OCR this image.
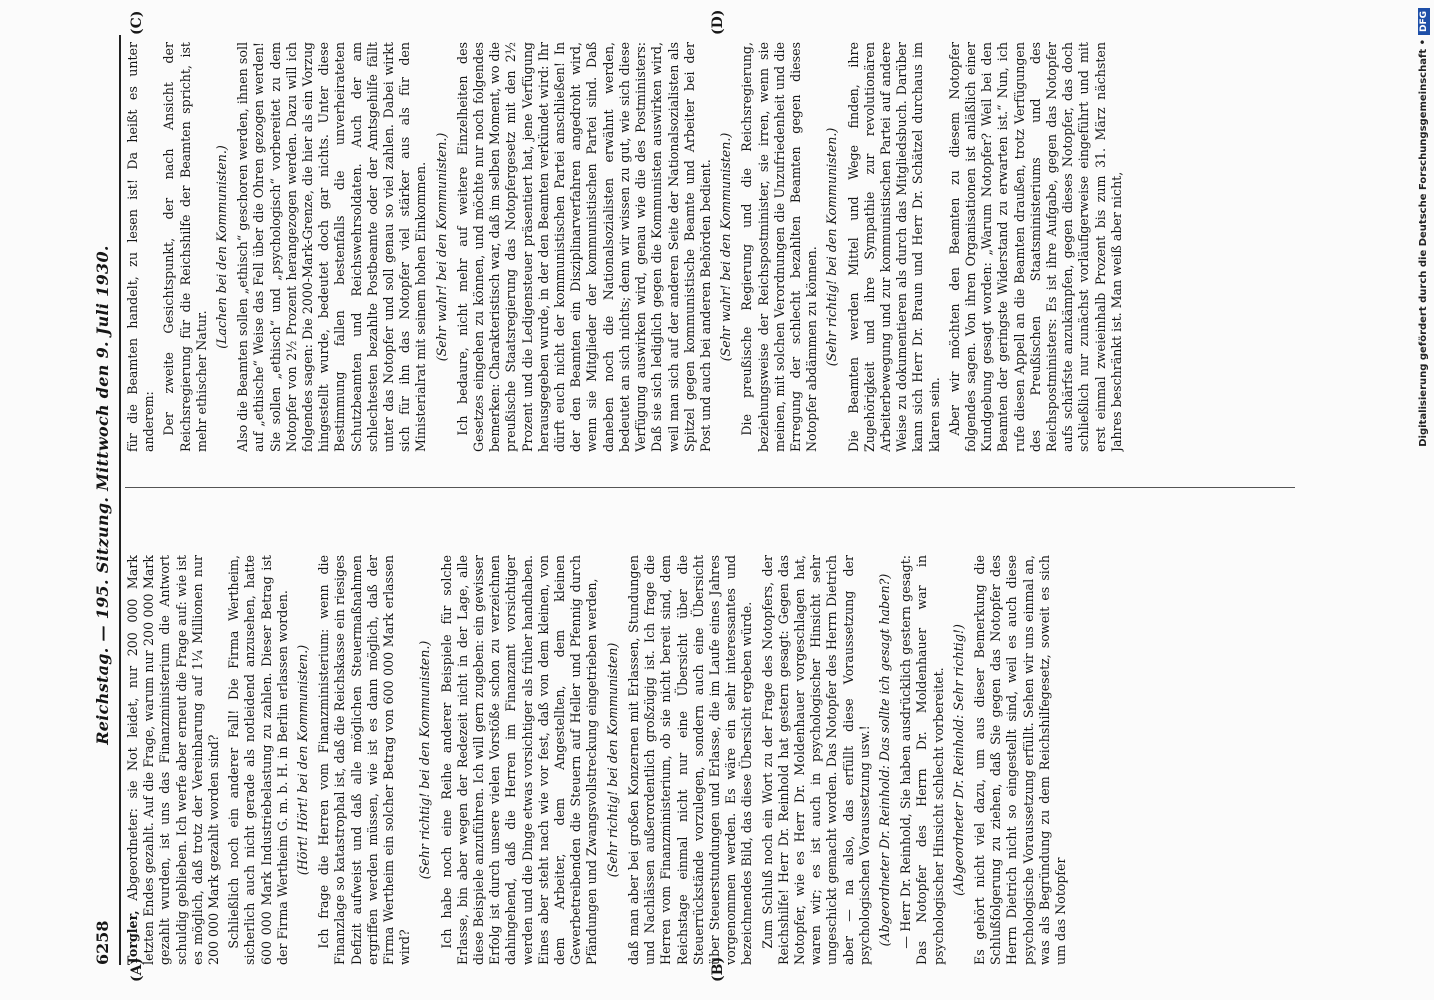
6258
Reichstag. — 195. Sitzung. Mittwoch den 9. Juli 1930.
(A)	(B)
(C)	(D)

Torgler, Abgeordneter: sie Not leidet, nur 200 000 Mark letzten Endes gezahlt. Auf die Frage, warum nur 200 000 Mark gezahlt wurden, ist uns das Finanzministerium die Antwort schuldig geblieben. Ich werfe aber erneut die Frage auf: wie ist es möglich, daß trotz der Vereinbarung auf 1¼ Millionen nur 200 000 Mark gezahlt worden sind? Schließlich noch ein anderer Fall! Die Firma Wertheim, sicherlich auch nicht gerade als notleidend anzusehen, hatte 600 000 Mark Industriebelastung zu zahlen. Dieser Betrag ist der Firma Wertheim G. m. b. H. in Berlin erlassen worden. (Hört! Hört! bei den Kommunisten.) Ich frage die Herren vom Finanzministerium: wenn die Finanzlage so katastrophal ist, daß die Reichskasse ein riesiges Defizit aufweist und daß alle möglichen Steuermaßnahmen ergriffen werden müssen, wie ist es dann möglich, daß der Firma Wertheim ein solcher Betrag von 600 000 Mark erlassen wird?

(Sehr richtig! bei den Kommunisten.) Ich habe noch eine Reihe anderer Beispiele für solche Erlasse, bin aber wegen der Redezeit nicht in der Lage, alle diese Beispiele anzuführen. Ich will gern zugeben: ein gewisser Erfolg ist durch unsere vielen Vorstöße schon zu verzeichnen dahingehend, daß die Herren im Finanzamt vorsichtiger werden und die Dinge etwas vorsichtiger als früher handhaben. Eines aber steht nach wie vor fest, daß von dem kleinen, von dem Arbeiter, dem Angestellten, dem kleinen Gewerbetreibenden die Steuern auf Heller und Pfennig durch Pfändungen und Zwangsvollstreckung eingetrieben werden, (Sehr richtig! bei den Kommunisten) daß man aber bei großen Konzernen mit Erlassen, Stundungen und Nachlässen außerordentlich großzügig ist. Ich frage die Herren vom Finanzministerium, ob sie nicht bereit sind, dem Reichstage einmal nicht nur eine Übersicht über die Steuerrückstände vorzulegen, sondern auch eine Übersicht über Steuerstundungen und Erlasse, die im Laufe eines Jahres vorgenommen werden. Es wäre ein sehr interessantes und bezeichnendes Bild, das diese Übersicht ergeben würde. Zum Schluß noch ein Wort zu der Frage des Notopfers, der Reichshilfe! Herr Dr. Reinhold hat gestern gesagt: Gegen das Notopfer, wie es Herr Dr. Moldenhauer vorgeschlagen hat, waren wir; es ist auch in psychologischer Hinsicht sehr ungeschickt gemacht worden. Das Notopfer des Herrn Dietrich aber — na also, das erfüllt diese Voraussetzung der psychologischen Voraussetzung usw.! (Abgeordneter Dr. Reinhold: Das sollte ich gesagt haben?) — Herr Dr. Reinhold, Sie haben ausdrücklich gestern gesagt: Das Notopfer des Herrn Dr. Moldenhauer war in psychologischer Hinsicht schlecht vorbereitet. (Abgeordneter Dr. Reinhold: Sehr richtig!) Es gehört nicht viel dazu, um aus dieser Bemerkung die Schlußfolgerung zu ziehen, daß Sie gegen das Notopfer des Herrn Dietrich nicht so eingestellt sind, weil es auch diese psychologische Voraussetzung erfüllt. Sehen wir uns einmal an, was als Begründung zu dem Reichshilfegesetz, soweit es sich um das Notopfer

für die Beamten handelt, zu lesen ist! Da heißt es unter anderem: Der zweite Gesichtspunkt, der nach Ansicht der Reichsregierung für die Reichshilfe der Beamten spricht, ist mehr ethischer Natur.

(Lachen bei den Kommunisten.) Also die Beamten sollen „ethisch“ geschoren werden, ihnen soll auf „ethische“ Weise das Fell über die Ohren gezogen werden! Sie sollen „ethisch“ und „psychologisch“ vorbereitet zu dem Notopfer von 2½ Prozent herangezogen werden. Dazu will ich folgendes sagen: Die 2000-Mark-Grenze, die hier als ein Vorzug hingestellt wurde, bedeutet doch gar nichts. Unter diese Bestimmung fallen bestenfalls die unverheirateten Schutzbeamten und Reichswehrsoldaten. Auch der am schlechtesten bezahlte Postbeamte oder der Amtsgehilfe fällt unter das Notopfer und soll genau so viel zahlen. Dabei wirkt sich für ihn das Notopfer viel stärker aus als für den Ministerialrat mit seinem hohen Einkommen. (Sehr wahr! bei den Kommunisten.) Ich bedaure, nicht mehr auf weitere Einzelheiten des Gesetzes eingehen zu können, und möchte nur noch folgendes bemerken: Charakteristisch war, daß im selben Moment, wo die preußische Staatsregierung das Notopfergesetz mit den 2½ Prozent und die Ledigensteuer präsentiert hat, jene Verfügung herausgegeben wurde, in der den Beamten verkündet wird: Ihr dürft euch nicht der kommunistischen Partei anschließen! In der den Beamten ein Disziplinarverfahren angedroht wird, wenn sie Mitglieder der kommunistischen Partei sind. Daß daneben noch die Nationalsozialisten erwähnt werden, bedeutet an sich nichts; denn wir wissen zu gut, wie sich diese Verfügung auswirken wird, genau wie die des Postministers: Daß sie sich lediglich gegen die Kommunisten auswirken wird, weil man sich auf der anderen Seite der Nationalsozialisten als Spitzel gegen kommunistische Beamte und Arbeiter bei der Post und auch bei anderen Behörden bedient. (Sehr wahr! bei den Kommunisten.) Die preußische Regierung und die Reichsregierung, beziehungsweise der Reichspostminister, sie irren, wenn sie meinen, mit solchen Verordnungen die Unzufriedenheit und die Erregung der schlecht bezahlten Beamten gegen dieses Notopfer abdämmen zu können. (Sehr richtig! bei den Kommunisten.) Die Beamten werden Mittel und Wege finden, ihre Zugehörigkeit und ihre Sympathie zur revolutionären Arbeiterbewegung und zur kommunistischen Partei auf andere Weise zu dokumentieren als durch das Mitgliedsbuch. Darüber kann sich Herr Dr. Braun und Herr Dr. Schätzel durchaus im klaren sein. Aber wir möchten den Beamten zu diesem Notopfer folgendes sagen. Von ihren Organisationen ist anläßlich einer Kundgebung gesagt worden: „Warum Notopfer? Weil bei den Beamten der geringste Widerstand zu erwarten ist.“ Nun, ich rufe diesen Appell an die Beamten draußen, trotz Verfügungen des Preußischen Staatsministeriums und des Reichspostministers: Es ist ihre Aufgabe, gegen das Notopfer aufs schärfste anzukämpfen, gegen dieses Notopfer, das doch schließlich nur zunächst vorläufigerweise eingeführt und mit erst einmal zweieinhalb Prozent bis zum 31. März nächsten Jahres beschränkt ist. Man weiß aber nicht,	Digitalisierung gefördert durch die Deutsche Forschungsgemeinschaft •DFG
